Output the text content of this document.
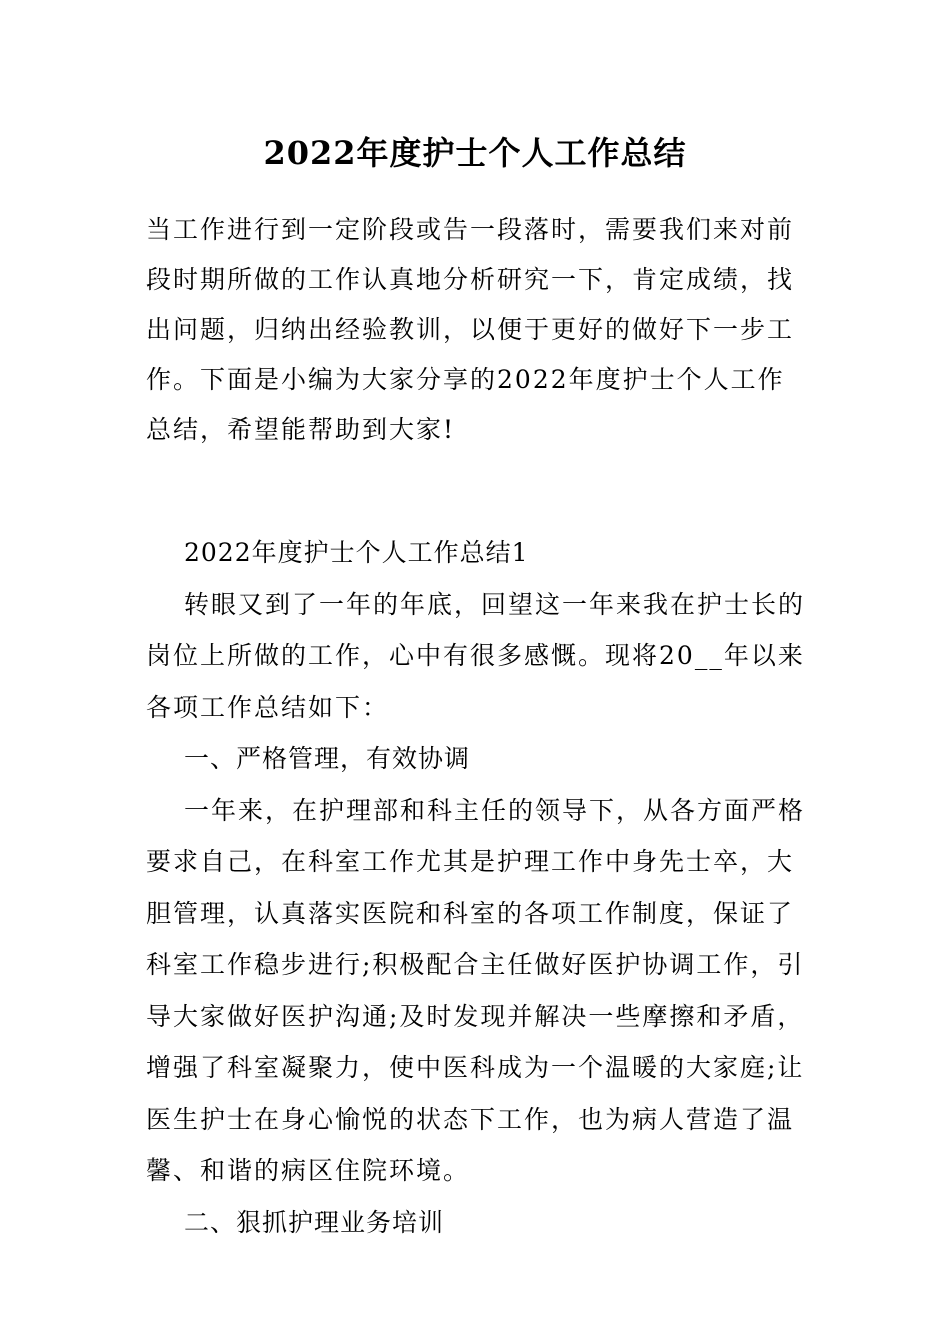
2022年度护士个人工作总结

当工作进行到一定阶段或告一段落时，需要我们来对前段时期所做的工作认真地分析研究一下，肯定成绩，找出问题，归纳出经验教训，以便于更好的做好下一步工作。下面是小编为大家分享的2022年度护士个人工作总结，希望能帮助到大家!

2022年度护士个人工作总结1

转眼又到了一年的年底，回望这一年来我在护士长的岗位上所做的工作，心中有很多感慨。现将20__年以来各项工作总结如下：

一、严格管理，有效协调

一年来，在护理部和科主任的领导下，从各方面严格要求自己，在科室工作尤其是护理工作中身先士卒，大胆管理，认真落实医院和科室的各项工作制度，保证了科室工作稳步进行;积极配合主任做好医护协调工作，引导大家做好医护沟通;及时发现并解决一些摩擦和矛盾，增强了科室凝聚力，使中医科成为一个温暖的大家庭;让医生护士在身心愉悦的状态下工作，也为病人营造了温馨、和谐的病区住院环境。

二、狠抓护理业务培训
